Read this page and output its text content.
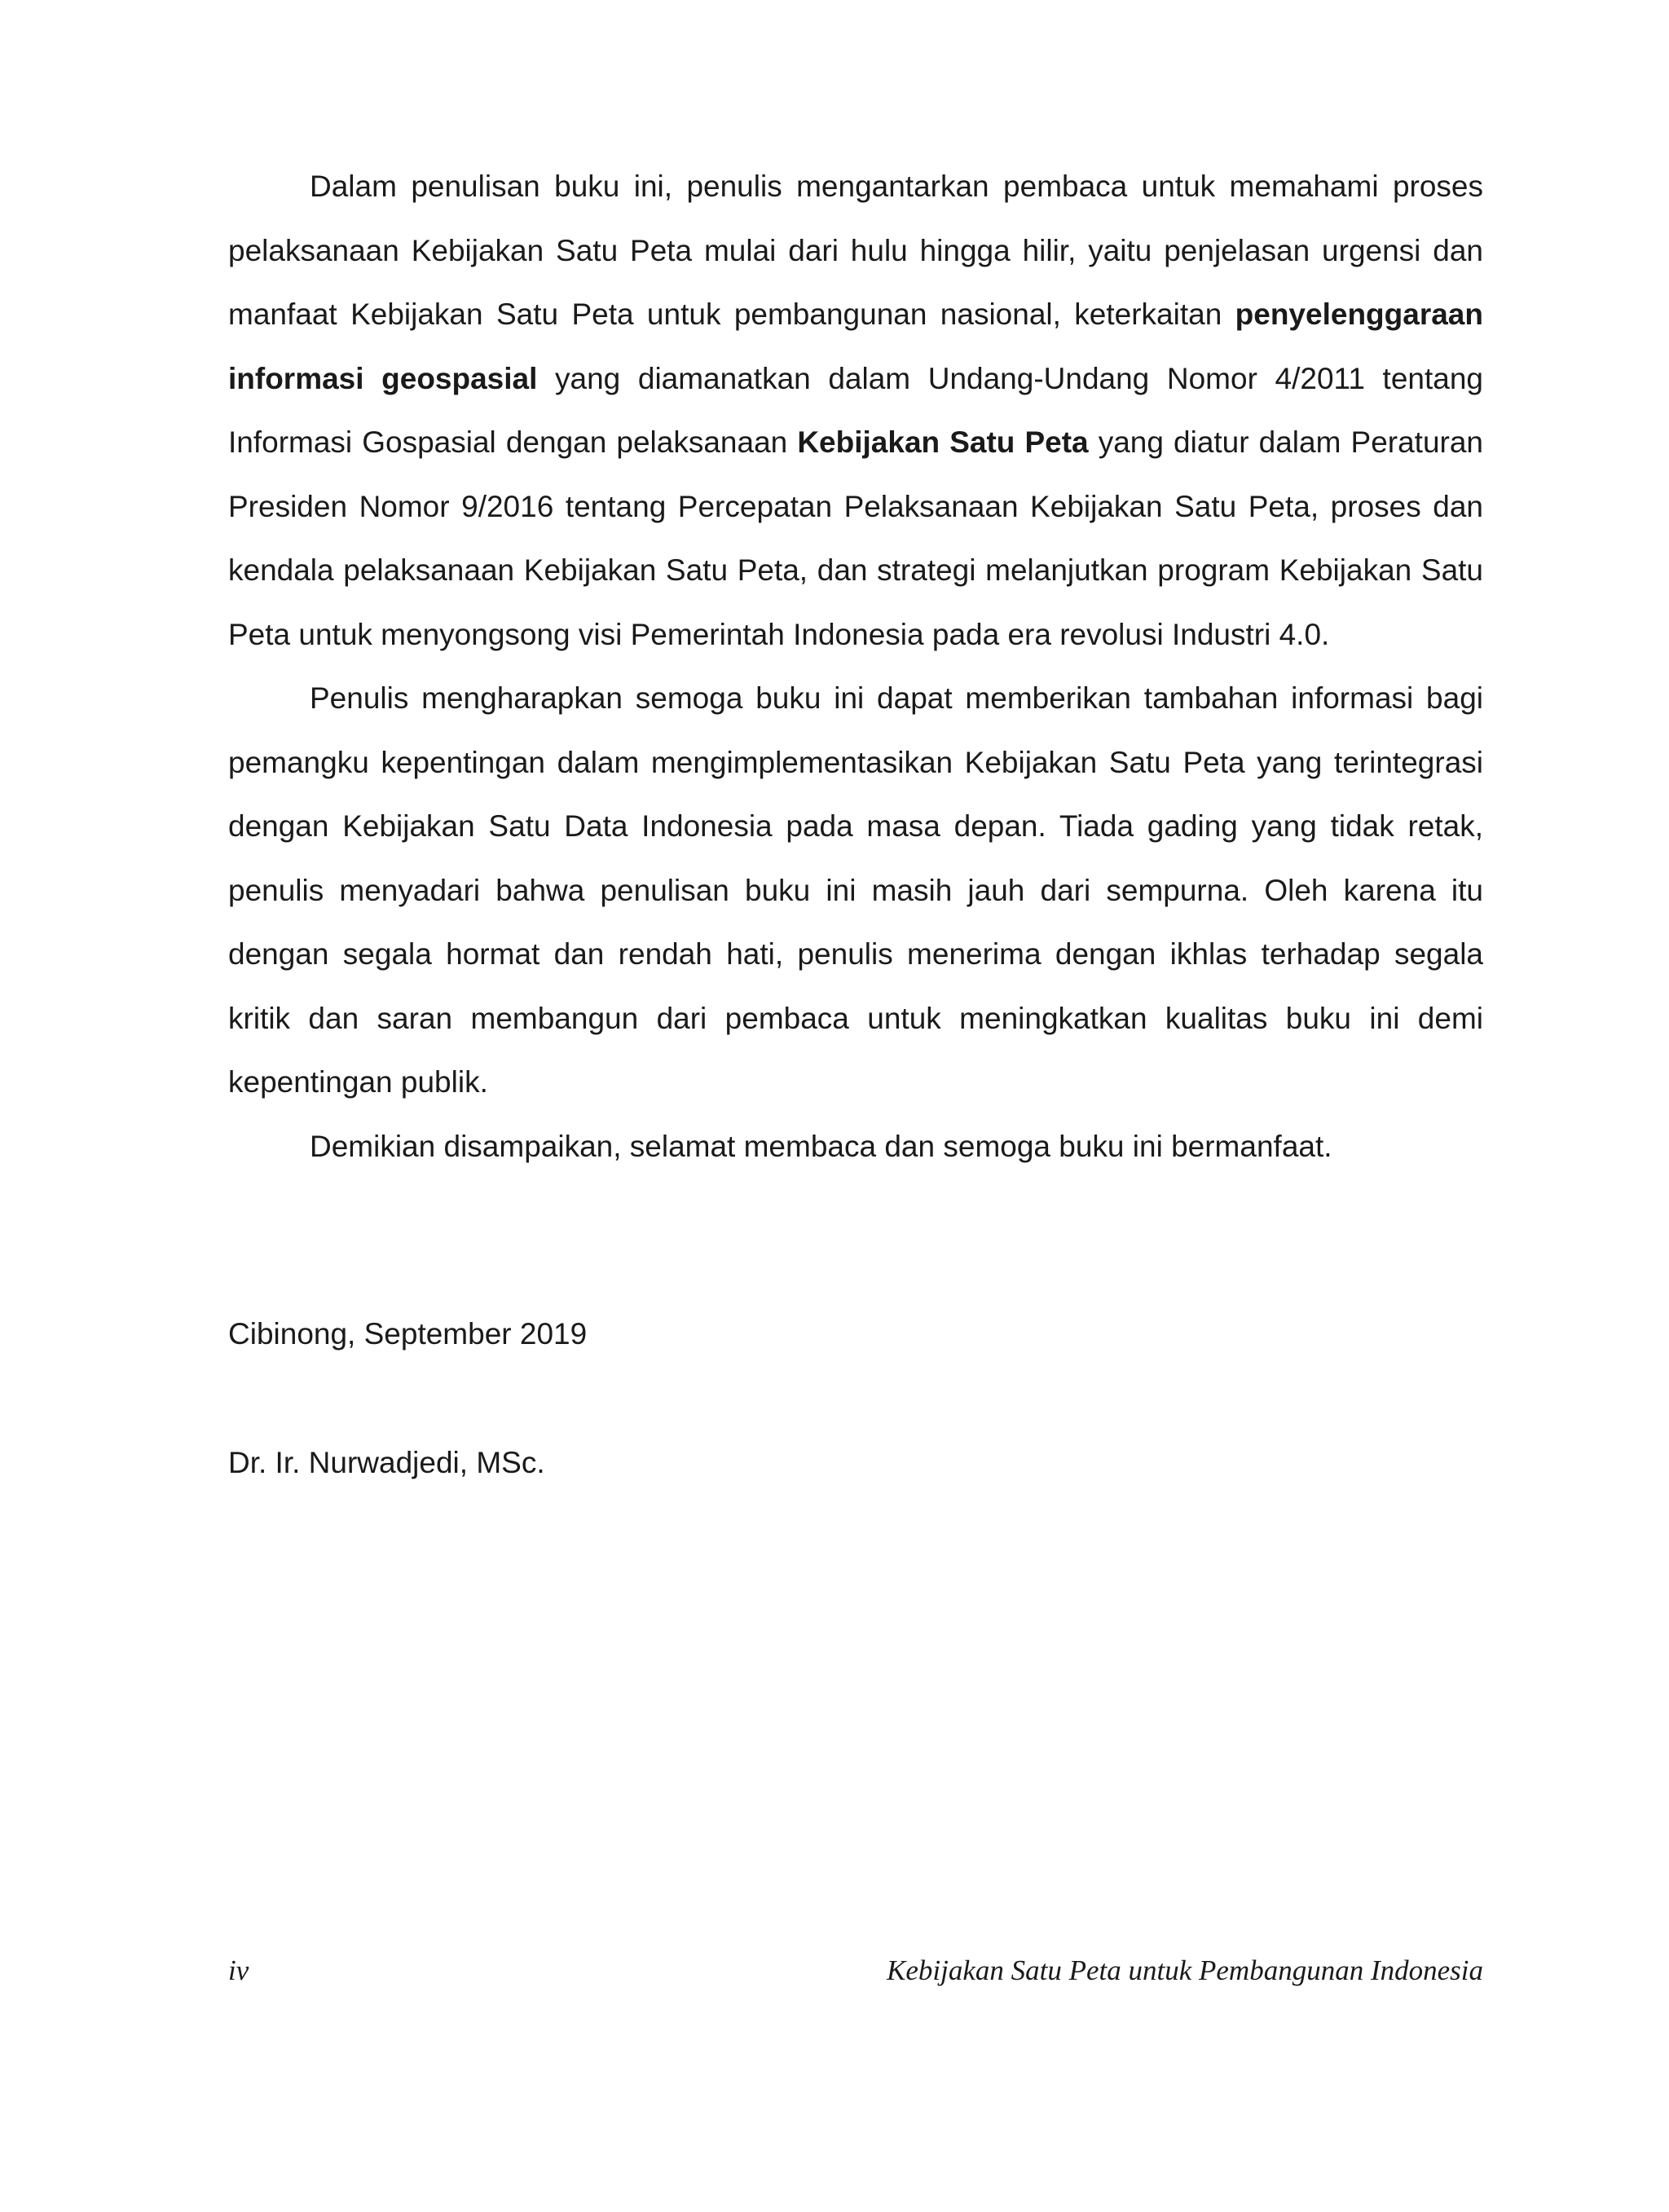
Dalam penulisan buku ini, penulis mengantarkan pembaca untuk memahami proses pelaksanaan Kebijakan Satu Peta mulai dari hulu hingga hilir, yaitu penjelasan urgensi dan manfaat Kebijakan Satu Peta untuk pembangunan nasional, keterkaitan penyelenggaraan informasi geospasial yang diamanatkan dalam Undang-Undang Nomor 4/2011 tentang Informasi Gospasial dengan pelaksanaan Kebijakan Satu Peta yang diatur dalam Peraturan Presiden Nomor 9/2016 tentang Percepatan Pelaksanaan Kebijakan Satu Peta, proses dan kendala pelaksanaan Kebijakan Satu Peta, dan strategi melanjutkan program Kebijakan Satu Peta untuk menyongsong visi Pemerintah Indonesia pada era revolusi Industri 4.0.

Penulis mengharapkan semoga buku ini dapat memberikan tambahan informasi bagi pemangku kepentingan dalam mengimplementasikan Kebijakan Satu Peta yang terintegrasi dengan Kebijakan Satu Data Indonesia pada masa depan. Tiada gading yang tidak retak, penulis menyadari bahwa penulisan buku ini masih jauh dari sempurna. Oleh karena itu dengan segala hormat dan rendah hati, penulis menerima dengan ikhlas terhadap segala kritik dan saran membangun dari pembaca untuk meningkatkan kualitas buku ini demi kepentingan publik.

Demikian disampaikan, selamat membaca dan semoga buku ini bermanfaat.

Cibinong, September 2019

Dr. Ir. Nurwadjedi, MSc.

iv	Kebijakan Satu Peta untuk Pembangunan Indonesia
